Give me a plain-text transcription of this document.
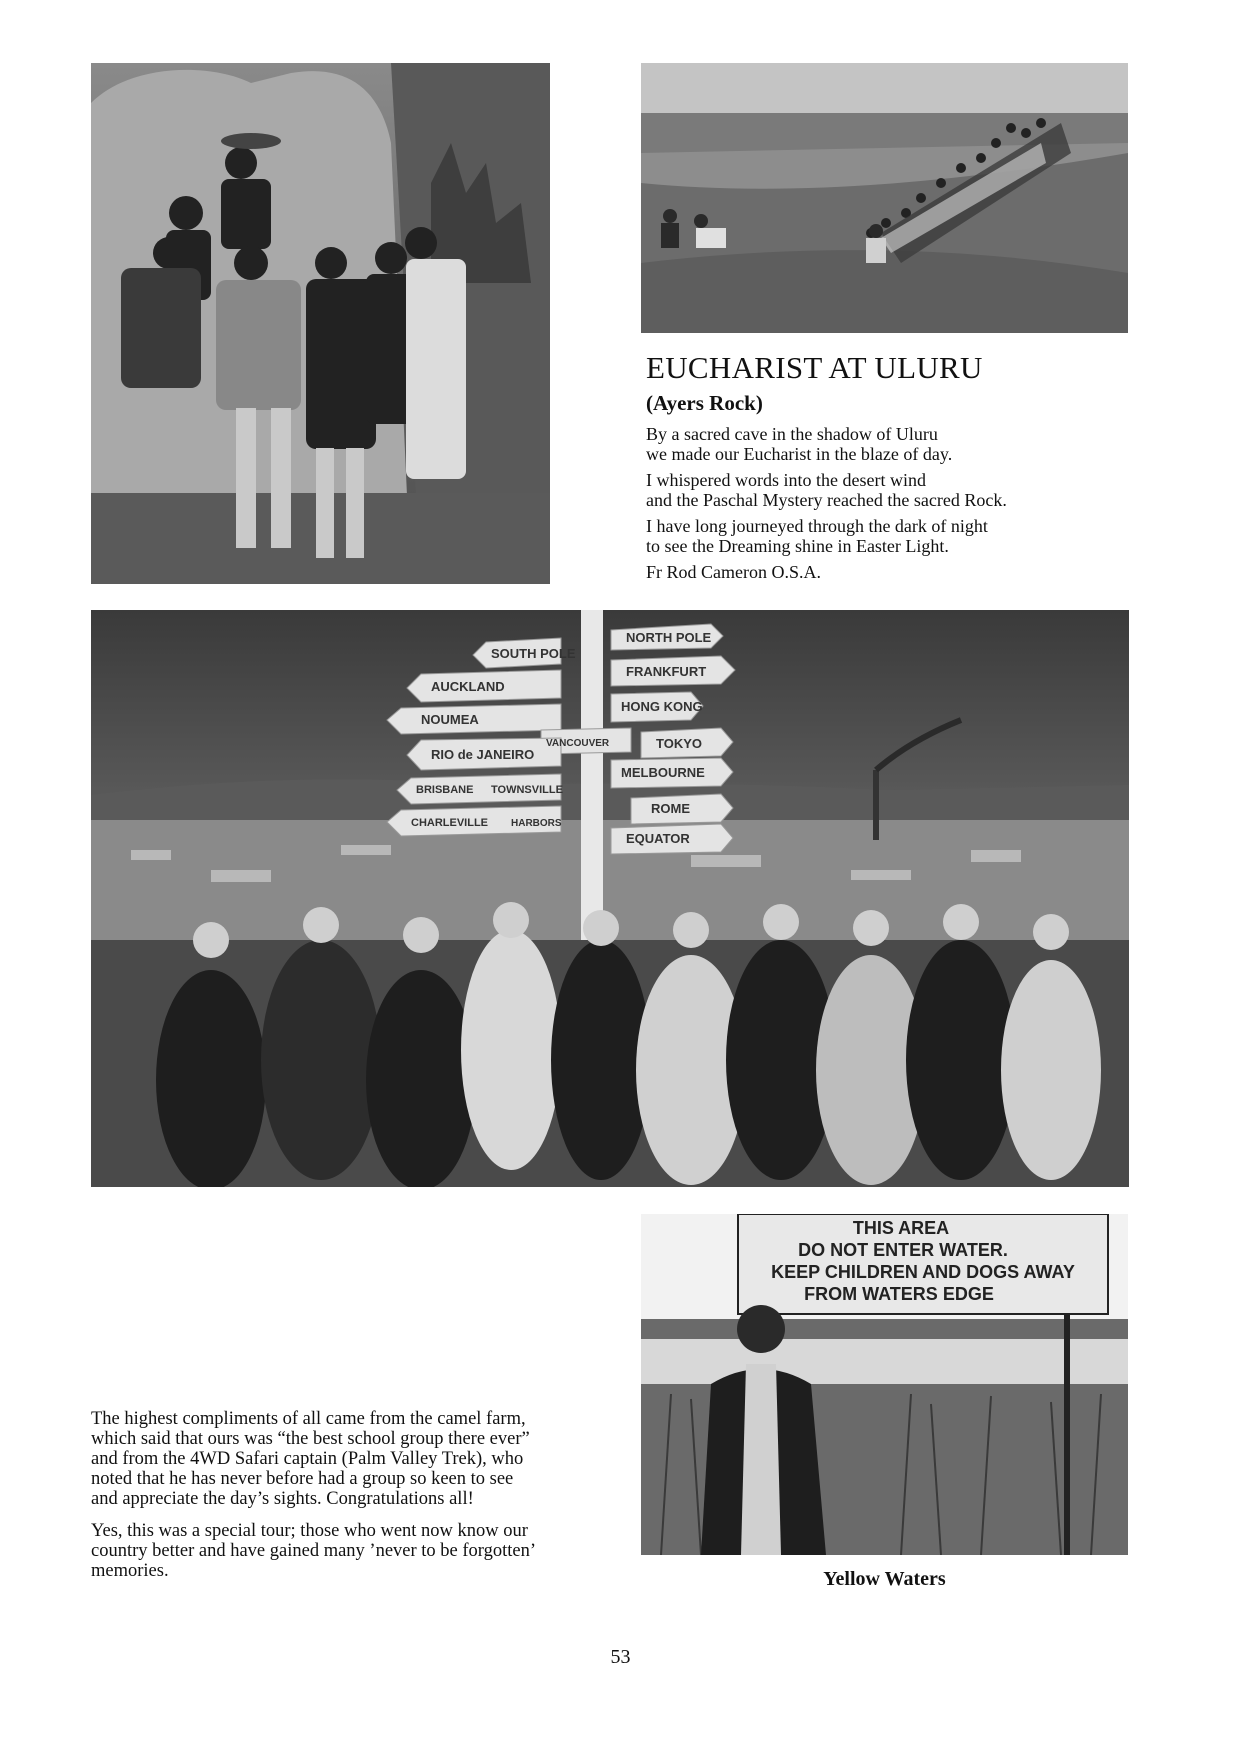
EUCHARIST AT ULURU
(Ayers Rock)

By a sacred cave in the shadow of Uluru
we made our Eucharist in the blaze of day.

I whispered words into the desert wind
and the Paschal Mystery reached the sacred Rock.

I have long journeyed through the dark of night
to see the Dreaming shine in Easter Light.

Fr Rod Cameron O.S.A.

NORTH POLE
SOUTH POLE
FRANKFURT
AUCKLAND
HONG KONG
NOUMEA
VANCOUVER	TOKYO
RIO de JANEIRO
MELBOURNE
BRISBANE TOWNSVILLE
ROME
CHARLEVILLE
EQUATOR
HARBORS
THIS AREA
DO NOT ENTER WATER.
KEEP CHILDREN AND DOGS AWAY
FROM WATERS EDGE

The highest compliments of all came from the camel farm,
which said that ours was “the best school group there ever”
and from the 4WD Safari captain (Palm Valley Trek), who
noted that he has never before had a group so keen to see
and appreciate the day’s sights. Congratulations all!

Yes, this was a special tour; those who went now know our
country better and have gained many ’never to be forgotten’
memories.	Yellow Waters
53
